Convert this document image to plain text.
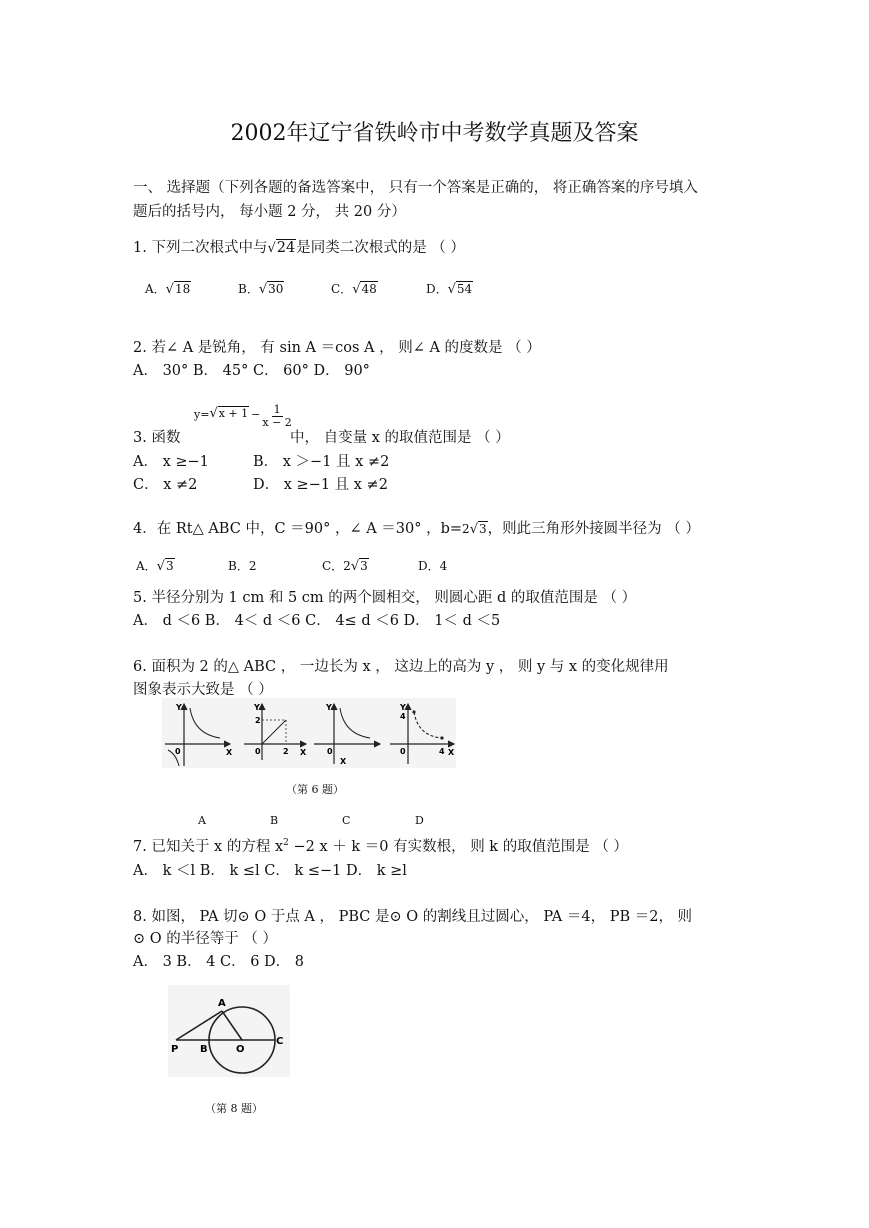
2002年辽宁省铁岭市中考数学真题及答案
一、 选择题（下列各题的备选答案中， 只有一个答案是正确的， 将正确答案的序号填入
题后的括号内， 每小题 2 分， 共 20 分）
1. 下列二次根式中与√24是同类二次根式的是 （ ）
A．√18	B．√30	C．√48	D．√54
2. 若∠ A 是锐角， 有 sin A ＝cos A ， 则∠ A 的度数是 （ ）
A． 30° B． 45° C． 60° D． 90°
3. 函数
$y=√x + 1 - \frac{1}{x - 2}$
中， 自变量 x 的取值范围是 （ ）
A． x ≥−1	B． x ＞−1 且 x ≠2
C． x ≠2	D． x ≥−1 且 x ≠2
4．在 Rt△ ABC 中，C ＝90° ，∠ A ＝30° ，b=2√3，则此三角形外接圆半径为 （ ）
A．√3	B．2	C．2√3	D．4
5. 半径分别为 1 cm 和 5 cm 的两个圆相交， 则圆心距 d 的取值范围是 （ ）
A． d ＜6 B． 4＜ d ＜6 C． 4≤ d ＜6 D． 1＜ d ＜5
6. 面积为 2 的△ ABC ， 一边长为 x ， 这边上的高为 y ， 则 y 与 x 的变化规律用
图象表示大致是 （ ）
Y
X
0
Y
2
0	2 X
Y
0
X
Y
4
0	4 X
（第 6 题）
A	B	C	D
7. 已知关于 x 的方程 $x^2 -2$ x ＋ k ＝0 有实数根， 则 k 的取值范围是 （ ）
A． k ＜l B． k ≤l C． k ≤−1 D． k ≥l
8. 如图， PA 切⊙ O 于点 A ， PBC 是⊙ O 的割线且过圆心， PA ＝4， PB ＝2， 则
⊙ O 的半径等于 （ ）
A． 3 B． 4 C． 6 D． 8
P B	O
C
A
（第 8 题）
